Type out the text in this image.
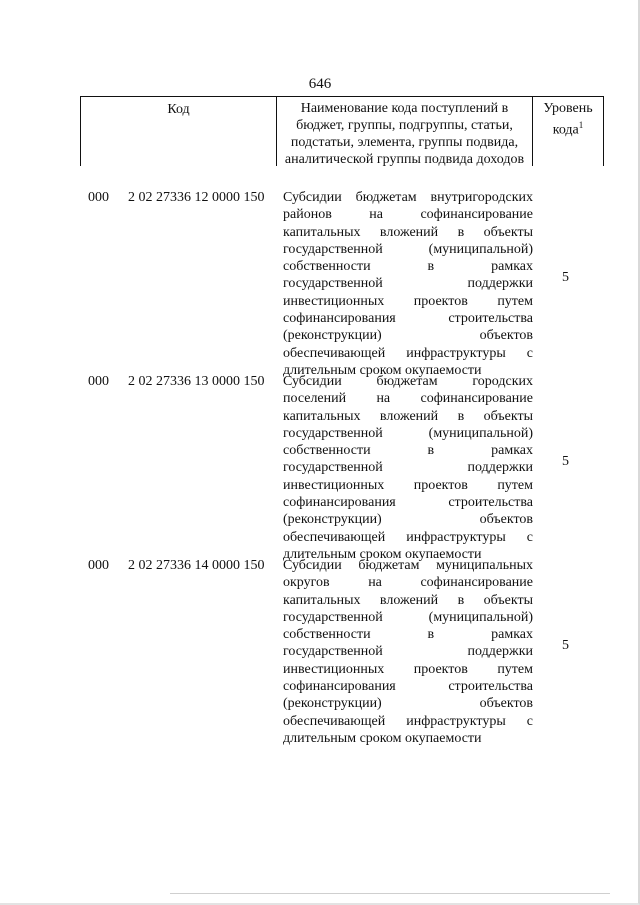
646
Код	Наименование кода поступлений в
бюджет, группы, подгруппы, статьи,
подстатьи, элемента, группы подвида,
аналитической группы подвида доходов
Уровень
кода$^1$
000 2 02 27336 12 0000 150 Субсидии бюджетам внутригородских
районов на софинансирование
капитальных вложений в объекты
государственной (муниципальной)
собственности в рамках
государственной поддержки
инвестиционных проектов путем
софинансирования строительства
(реконструкции) объектов
обеспечивающей инфраструктуры с
длительным сроком окупаемости
5
000 2 02 27336 13 0000 150 Субсидии бюджетам городских
поселений на софинансирование
капитальных вложений в объекты
государственной (муниципальной)
собственности в рамках
государственной поддержки
инвестиционных проектов путем
софинансирования строительства
(реконструкции) объектов
обеспечивающей инфраструктуры с
длительным сроком окупаемости
5
000 2 02 27336 14 0000 150 Субсидии бюджетам муниципальных
округов на софинансирование
капитальных вложений в объекты
государственной (муниципальной)
собственности в рамках
государственной поддержки
инвестиционных проектов путем
софинансирования строительства
(реконструкции) объектов
обеспечивающей инфраструктуры с
длительным сроком окупаемости
5
